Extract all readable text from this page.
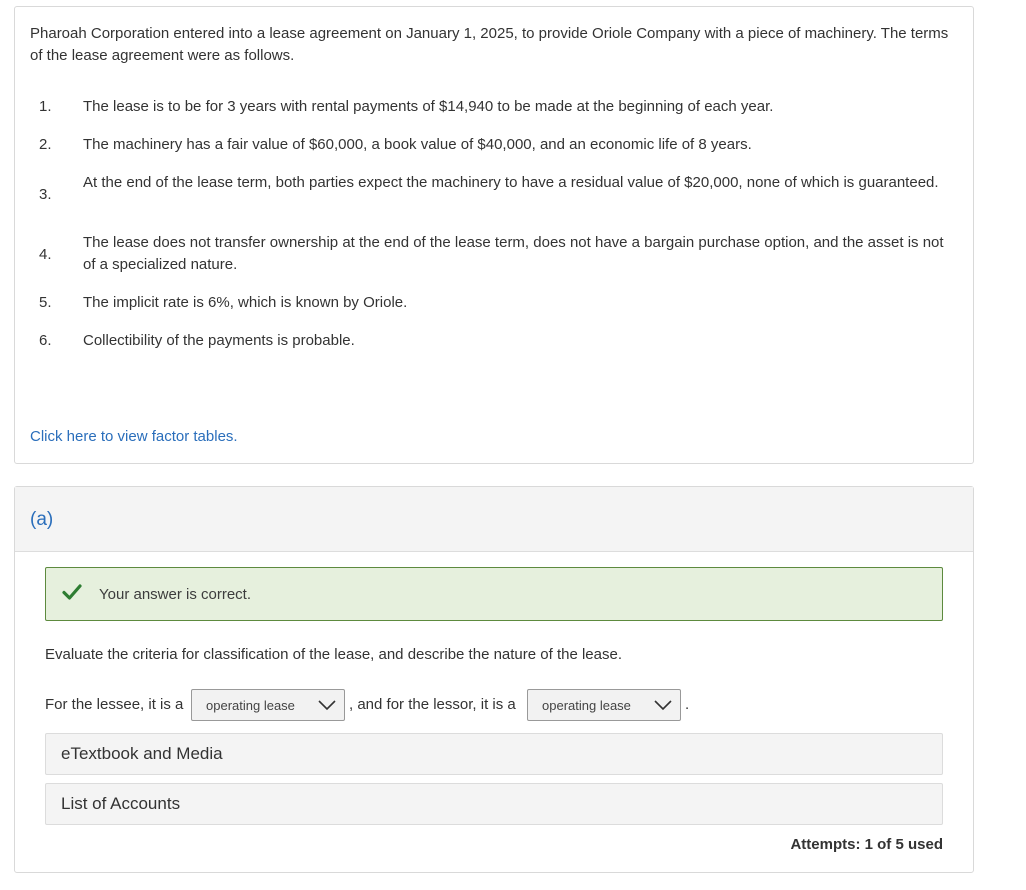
Pharoah Corporation entered into a lease agreement on January 1, 2025, to provide Oriole Company with a piece of machinery. The terms of the lease agreement were as follows.

1.	The lease is to be for 3 years with rental payments of $14,940 to be made at the beginning of each year.
2.	The machinery has a fair value of $60,000, a book value of $40,000, and an economic life of 8 years.
3.
At the end of the lease term, both parties expect the machinery to have a residual value of $20,000, none of which is guaranteed.
4.
The lease does not transfer ownership at the end of the lease term, does not have a bargain purchase option, and the asset is not of a specialized nature.
5.	The implicit rate is 6%, which is known by Oriole.
6.	Collectibility of the payments is probable.
Click here to view factor tables.
(a)
Your answer is correct.

Evaluate the criteria for classification of the lease, and describe the nature of the lease.

For the lessee, it is a operating lease	, and for the lessor, it is a operating lease	.
eTextbook and Media
List of Accounts
Attempts: 1 of 5 used
